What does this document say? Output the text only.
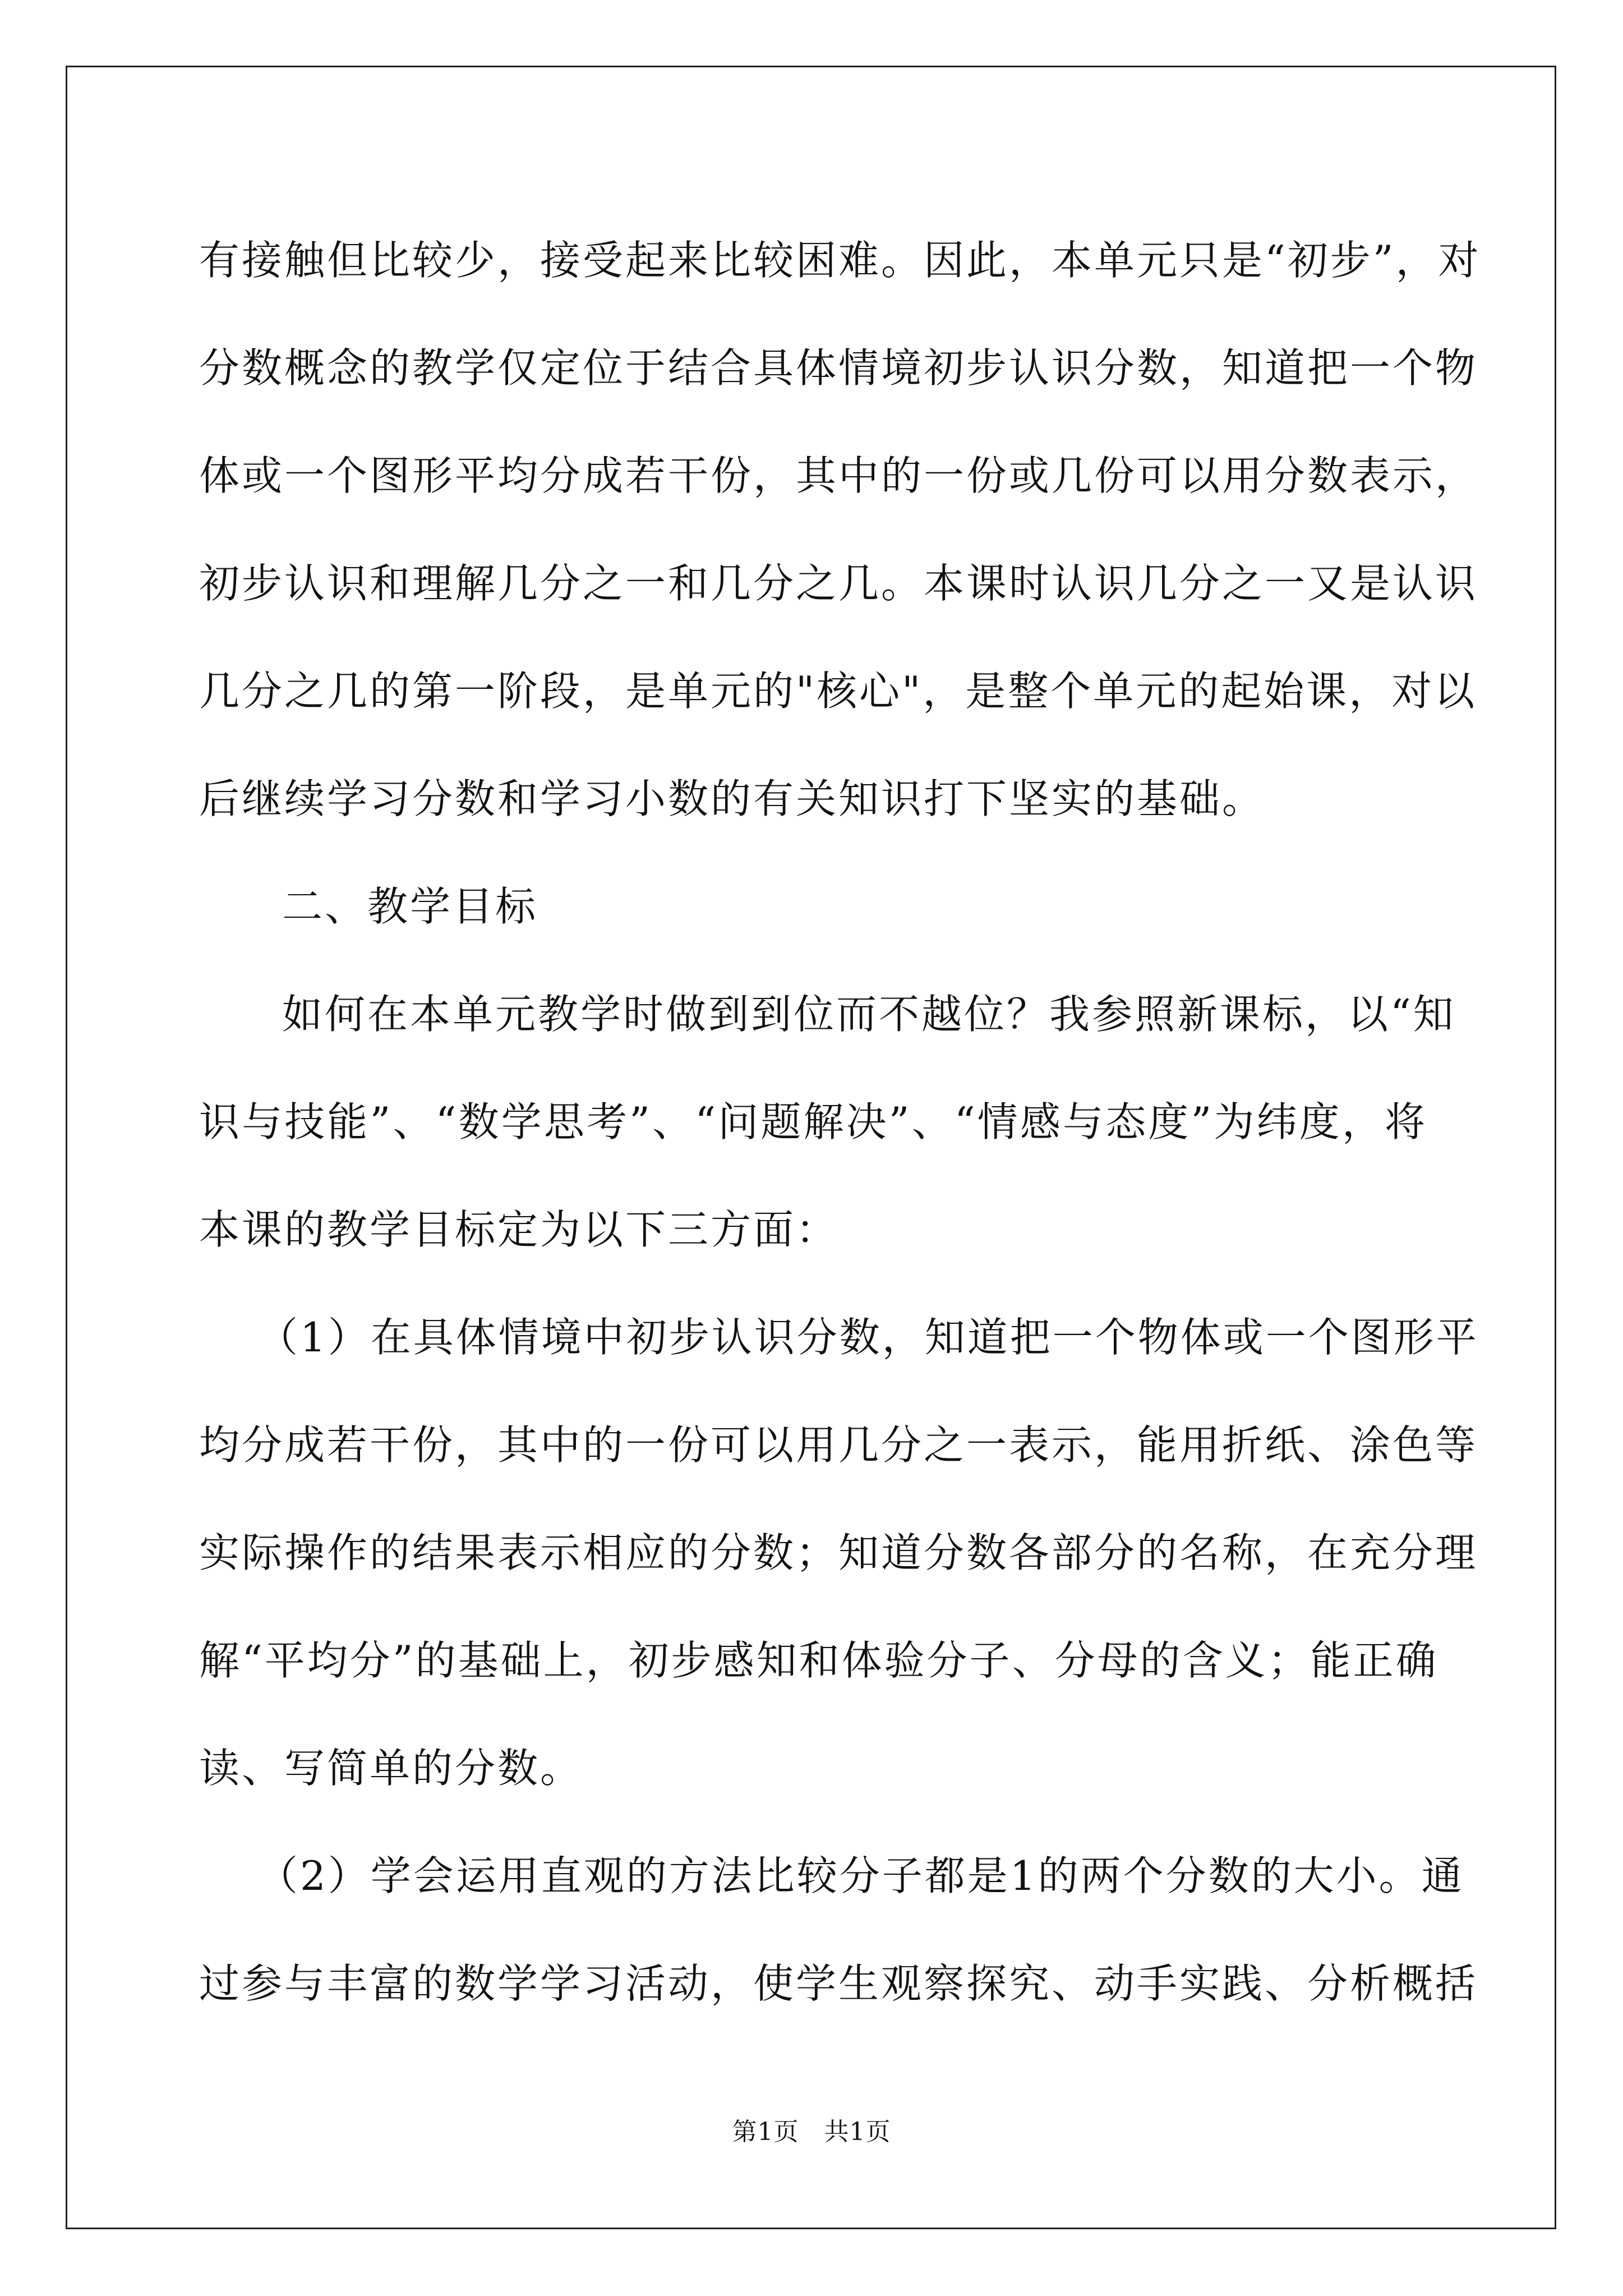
有接触但比较少，接受起来比较困难。因此，本单元只是“初步”，对
分数概念的教学仅定位于结合具体情境初步认识分数，知道把一个物
体或一个图形平均分成若干份，其中的一份或几份可以用分数表示，
初步认识和理解几分之一和几分之几。本课时认识几分之一又是认识
几分之几的第一阶段，是单元的"核心"，是整个单元的起始课，对以
后继续学习分数和学习小数的有关知识打下坚实的基础。
二、教学目标
如何在本单元教学时做到到位而不越位？我参照新课标，以“知
识与技能”、“数学思考”、“问题解决”、“情感与态度”为纬度，将
本课的教学目标定为以下三方面：
（1）在具体情境中初步认识分数，知道把一个物体或一个图形平
均分成若干份，其中的一份可以用几分之一表示，能用折纸、涂色等
实际操作的结果表示相应的分数；知道分数各部分的名称，在充分理
解“平均分”的基础上，初步感知和体验分子、分母的含义；能正确
读、写简单的分数。
（2）学会运用直观的方法比较分子都是1的两个分数的大小。通
过参与丰富的数学学习活动，使学生观察探究、动手实践、分析概括
第1页　共1页
